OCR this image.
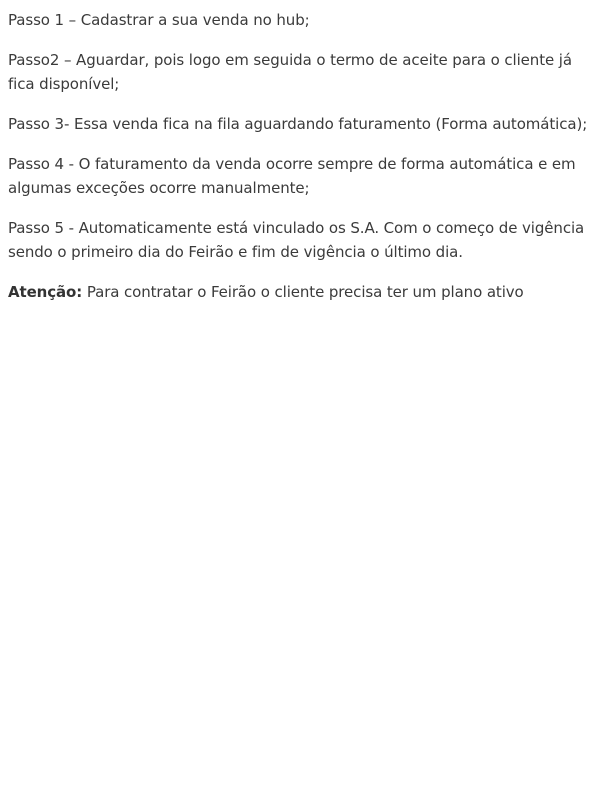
Passo 1 – Cadastrar a sua venda no hub;

Passo2 – Aguardar, pois logo em seguida o termo de aceite para o cliente já fica disponível;

Passo 3- Essa venda fica na fila aguardando faturamento (Forma automática);

Passo 4 - O faturamento da venda ocorre sempre de forma automática e em algumas exceções ocorre manualmente;

Passo 5 - Automaticamente está vinculado os S.A. Com o começo de vigência sendo o primeiro dia do Feirão e fim de vigência o último dia.

Atenção: Para contratar o Feirão o cliente precisa ter um plano ativo
